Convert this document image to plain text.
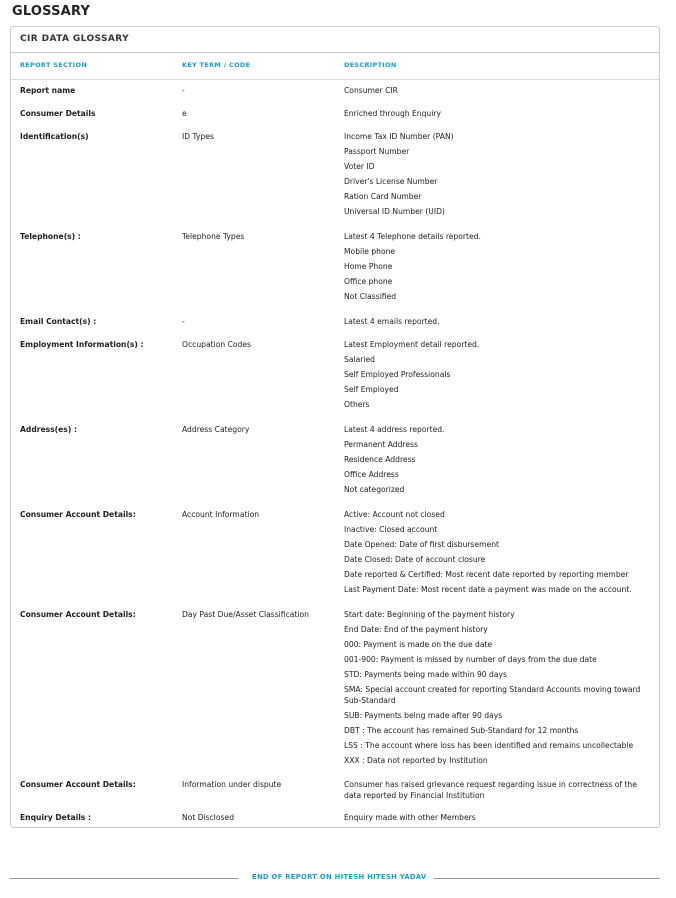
GLOSSARY
CIR DATA GLOSSARY
REPORT SECTION	KEY TERM / CODE	DESCRIPTION
Report name	-	Consumer CIR
Consumer Details	e	Enriched through Enquiry
Identification(s)	ID Types	Income Tax ID Number (PAN)
Passport Number
Voter ID
Driver's License Number
Ration Card Number
Universal ID Number (UID)
Telephone(s) :	Telephone Types	Latest 4 Telephone details reported.
Mobile phone
Home Phone
Office phone
Not Classified
Email Contact(s) :	-	Latest 4 emails reported.
Employment Information(s) :	Occupation Codes	Latest Employment detail reported.
Salaried
Self Employed Professionals
Self Employed
Others
Address(es) :	Address Category	Latest 4 address reported.
Permanent Address
Residence Address
Office Address
Not categorized
Consumer Account Details:	Account Information	Active: Account not closed
Inactive: Closed account
Date Opened: Date of first disbursement
Date Closed: Date of account closure
Date reported & Certified: Most recent date reported by reporting member
Last Payment Date: Most recent date a payment was made on the account.
Consumer Account Details:	Day Past Due/Asset Classification	Start date: Beginning of the payment history
End Date: End of the payment history
000: Payment is made on the due date
001-900: Payment is missed by number of days from the due date
STD: Payments being made within 90 days
SMA: Special account created for reporting Standard Accounts moving toward Sub-Standard
SUB: Payments being made after 90 days
DBT : The account has remained Sub-Standard for 12 months
LSS : The account where loss has been identified and remains uncollectable
XXX : Data not reported by Institution
Consumer Account Details:	Information under dispute	Consumer has raised grievance request regarding issue in correctness of the data reported by Financial Institution
Enquiry Details :	Not Disclosed	Enquiry made with other Members
END OF REPORT ON HITESH HITESH YADAV
